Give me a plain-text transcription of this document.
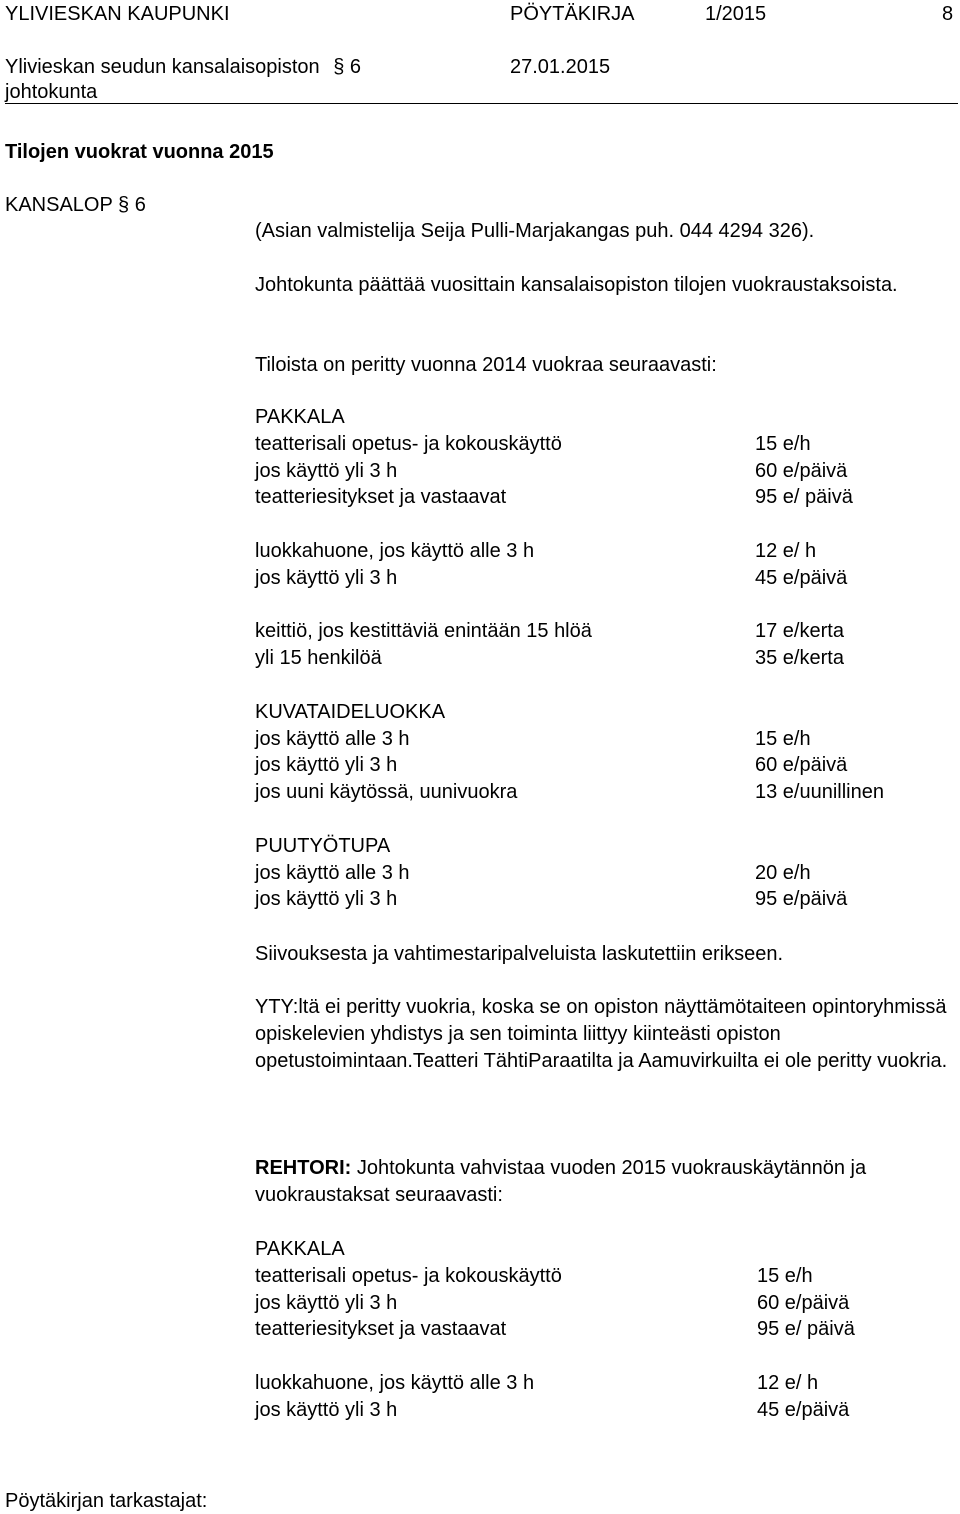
YLIVIESKAN KAUPUNKI	PÖYTÄKIRJA	1/2015	8
Ylivieskan seudun kansalaisopiston § 6	27.01.2015
johtokunta
Tilojen vuokrat vuonna 2015
KANSALOP § 6
(Asian valmistelija Seija Pulli-Marjakangas puh. 044 4294 326).
Johtokunta päättää vuosittain kansalaisopiston tilojen vuokraustaksoista.
Tiloista on peritty vuonna 2014 vuokraa seuraavasti:
PAKKALA
teatterisali opetus- ja kokouskäyttö	15 e/h
jos käyttö yli 3 h	60 e/päivä
teatteriesitykset ja vastaavat	95 e/ päivä
luokkahuone, jos käyttö alle 3 h	12 e/ h
jos käyttö yli 3 h	45 e/päivä
keittiö, jos kestittäviä enintään 15 hlöä	17 e/kerta
yli 15 henkilöä	35 e/kerta
KUVATAIDELUOKKA
jos käyttö alle 3 h	15 e/h
jos käyttö yli 3 h	60 e/päivä
jos uuni käytössä, uunivuokra	13 e/uunillinen
PUUTYÖTUPA
jos käyttö alle 3 h	20 e/h
jos käyttö yli 3 h	95 e/päivä
Siivouksesta ja vahtimestaripalveluista laskutettiin erikseen.
YTY:ltä ei peritty vuokria, koska se on opiston näyttämötaiteen opintoryhmissä opiskelevien yhdistys ja sen toiminta liittyy kiinteästi opiston opetustoimintaan.Teatteri TähtiParaatilta ja Aamuvirkuilta ei ole peritty vuokria.
REHTORI: Johtokunta vahvistaa vuoden 2015 vuokrauskäytännön ja vuokraustaksat seuraavasti:
PAKKALA
teatterisali opetus- ja kokouskäyttö	15 e/h
jos käyttö yli 3 h	60 e/päivä
teatteriesitykset ja vastaavat	95 e/ päivä
luokkahuone, jos käyttö alle 3 h	12 e/ h
jos käyttö yli 3 h	45 e/päivä
Pöytäkirjan tarkastajat:
